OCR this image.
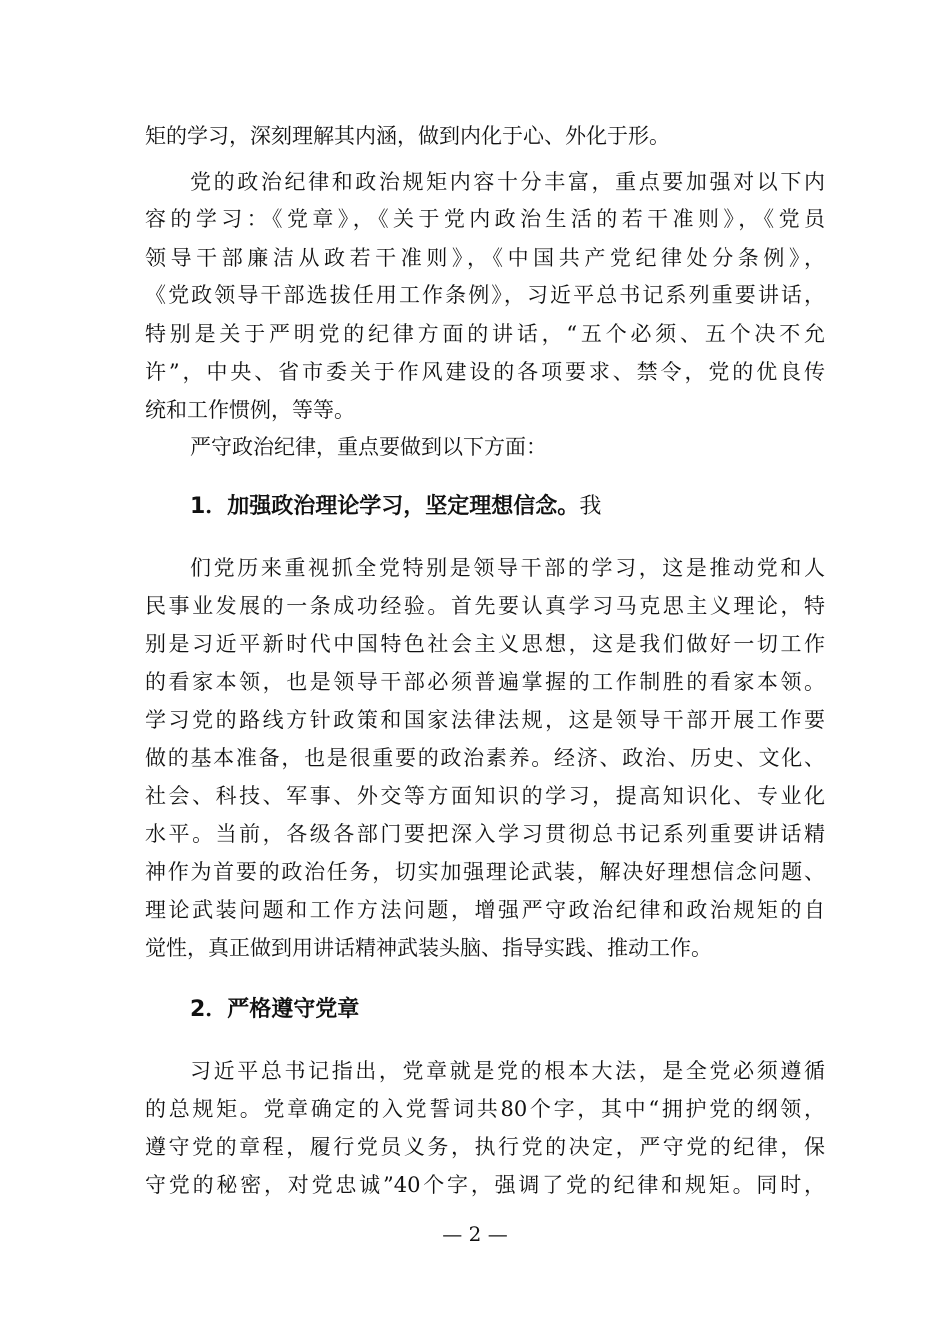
矩的学习，深刻理解其内涵，做到内化于心、外化于形。
党的政治纪律和政治规矩内容十分丰富，重点要加强对以下内
容的学习：《党章》，《关于党内政治生活的若干准则》，《党员
领导干部廉洁从政若干准则》，《中国共产党纪律处分条例》，
《党政领导干部选拔任用工作条例》，习近平总书记系列重要讲话，
特别是关于严明党的纪律方面的讲话，“五个必须、五个决不允
许”，中央、省市委关于作风建设的各项要求、禁令，党的优良传
统和工作惯例，等等。
严守政治纪律，重点要做到以下方面：
1．加强政治理论学习，坚定理想信念。我
们党历来重视抓全党特别是领导干部的学习，这是推动党和人
民事业发展的一条成功经验。首先要认真学习马克思主义理论，特
别是习近平新时代中国特色社会主义思想，这是我们做好一切工作
的看家本领，也是领导干部必须普遍掌握的工作制胜的看家本领。
学习党的路线方针政策和国家法律法规，这是领导干部开展工作要
做的基本准备，也是很重要的政治素养。经济、政治、历史、文化、
社会、科技、军事、外交等方面知识的学习，提高知识化、专业化
水平。当前，各级各部门要把深入学习贯彻总书记系列重要讲话精
神作为首要的政治任务，切实加强理论武装，解决好理想信念问题、
理论武装问题和工作方法问题，增强严守政治纪律和政治规矩的自
觉性，真正做到用讲话精神武装头脑、指导实践、推动工作。
2．严格遵守党章
习近平总书记指出，党章就是党的根本大法，是全党必须遵循
的总规矩。党章确定的入党誓词共80个字，其中“拥护党的纲领，
遵守党的章程，履行党员义务，执行党的决定，严守党的纪律，保
守党的秘密，对党忠诚”40个字，强调了党的纪律和规矩。同时，
— 2 —
